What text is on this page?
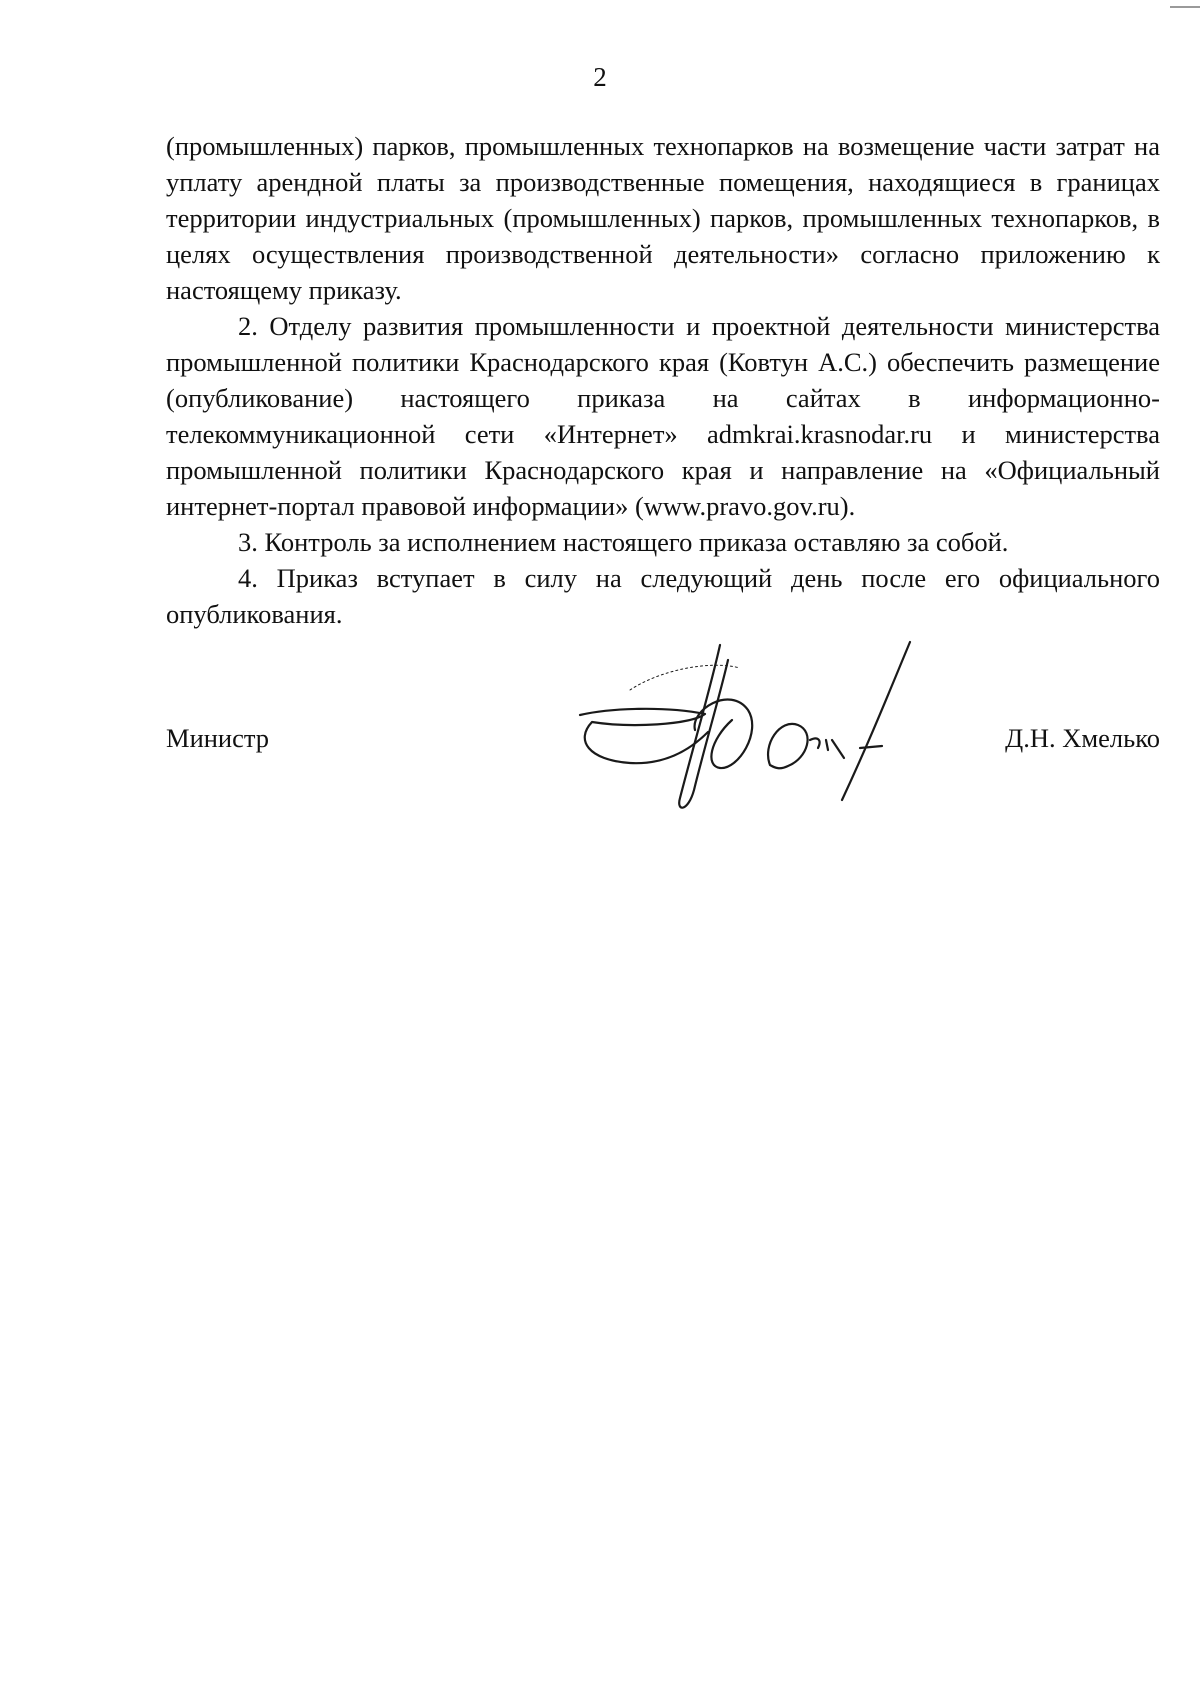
2

(промышленных) парков, промышленных технопарков на возмещение части затрат на уплату арендной платы за производственные помещения, находящиеся в границах территории индустриальных (промышленных) парков, промышленных технопарков, в целях осуществления производственной деятельности» согласно приложению к настоящему приказу.

2. Отделу развития промышленности и проектной деятельности министерства промышленной политики Краснодарского края (Ковтун А.С.) обеспечить размещение (опубликование) настоящего приказа на сайтах в информационно-телекоммуникационной сети «Интернет» admkrai.krasnodar.ru и министерства промышленной политики Краснодарского края и направление на «Официальный интернет-портал правовой информации» (www.pravo.gov.ru).

3. Контроль за исполнением настоящего приказа оставляю за собой.

4. Приказ вступает в силу на следующий день после его официального опубликования.

Министр	Д.Н. Хмелько
